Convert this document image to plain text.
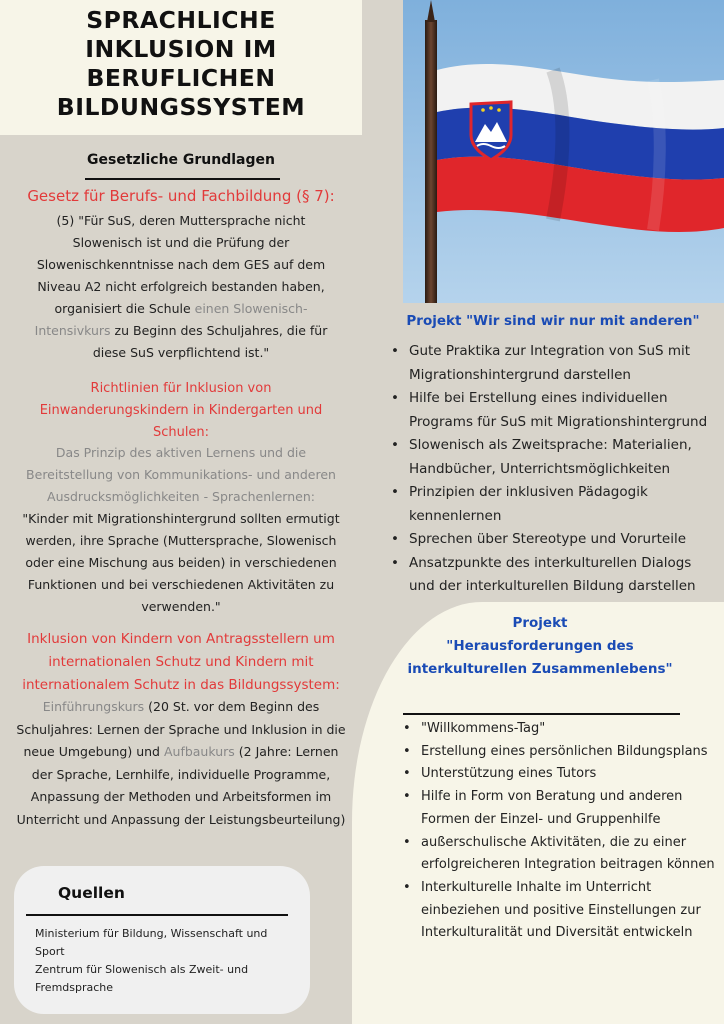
SPRACHLICHE INKLUSION IM BERUFLICHEN BILDUNGSSYSTEM
Gesetzliche Grundlagen
Gesetz für Berufs- und Fachbildung (§ 7):
(5) "Für SuS, deren Muttersprache nicht Slowenisch ist und die Prüfung der Slowenischkenntnisse nach dem GES auf dem Niveau A2 nicht erfolgreich bestanden haben, organisiert die Schule einen Slowenisch-Intensivkurs zu Beginn des Schuljahres, die für diese SuS verpflichtend ist."
Richtlinien für Inklusion von Einwanderungskindern in Kindergarten und Schulen:
Das Prinzip des aktiven Lernens und die Bereitstellung von Kommunikations- und anderen Ausdrucksmöglichkeiten - Sprachenlernen:
"Kinder mit Migrationshintergrund sollten ermutigt werden, ihre Sprache (Muttersprache, Slowenisch oder eine Mischung aus beiden) in verschiedenen Funktionen und bei verschiedenen Aktivitäten zu verwenden."
Inklusion von Kindern von Antragsstellern um internationalen Schutz und Kindern mit internationalem Schutz in das Bildungssystem:
Einführungskurs (20 St. vor dem Beginn des Schuljahres: Lernen der Sprache und Inklusion in die neue Umgebung) und Aufbaukurs (2 Jahre: Lernen der Sprache, Lernhilfe, individuelle Programme, Anpassung der Methoden und Arbeitsformen im Unterricht und Anpassung der Leistungsbeurteilung)
Quellen
Ministerium für Bildung, Wissenschaft und Sport
Zentrum für Slowenisch als Zweit- und Fremdsprache
Projekt "Wir sind wir nur mit anderen"
• Gute Praktika zur Integration von SuS mit Migrationshintergrund darstellen
• Hilfe bei Erstellung eines individuellen Programs für SuS mit Migrationshintergrund
• Slowenisch als Zweitsprache: Materialien, Handbücher, Unterrichtsmöglichkeiten
• Prinzipien der inklusiven Pädagogik kennenlernen
• Sprechen über Stereotype und Vorurteile
• Ansatzpunkte des interkulturellen Dialogs und der interkulturellen Bildung darstellen
Projekt
"Herausforderungen des interkulturellen Zusammenlebens"
• "Willkommens-Tag"
• Erstellung eines persönlichen Bildungsplans
• Unterstützung eines Tutors
• Hilfe in Form von Beratung und anderen Formen der Einzel- und Gruppenhilfe
• außerschulische Aktivitäten, die zu einer erfolgreicheren Integration beitragen können
• Interkulturelle Inhalte im Unterricht einbeziehen und positive Einstellungen zur Interkulturalität und Diversität entwickeln
